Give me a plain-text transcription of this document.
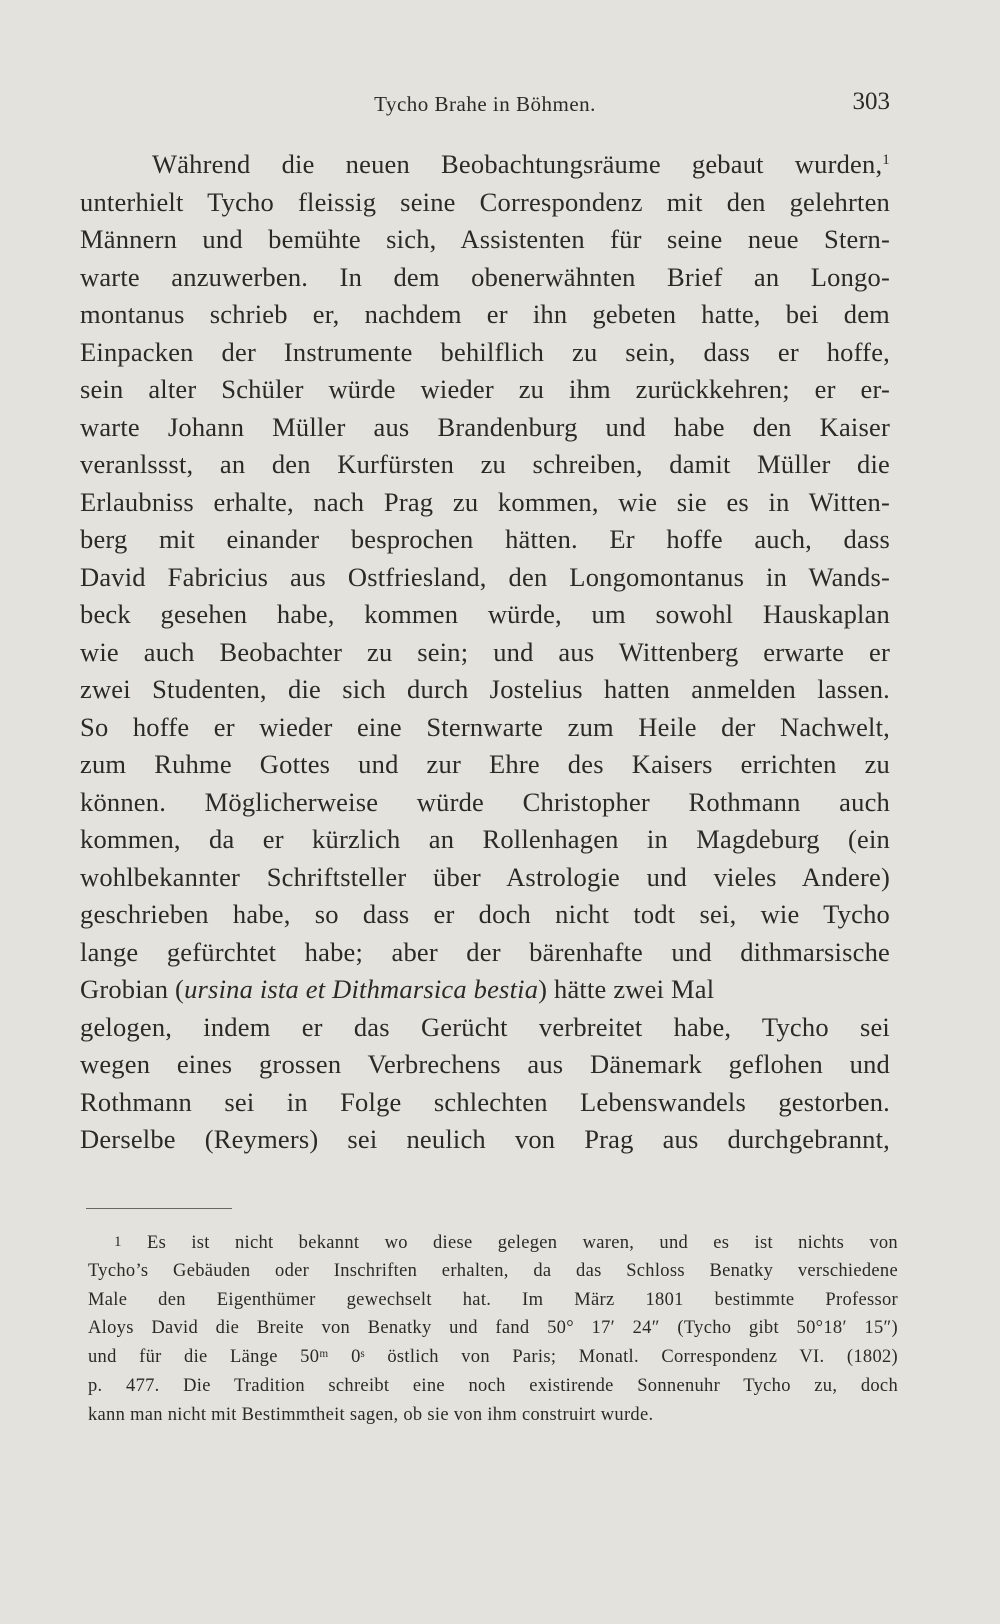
Tycho Brahe in Böhmen.	303
Während die neuen Beobachtungsräume gebaut wurden,$^1$
unterhielt Tycho fleissig seine Correspondenz mit den gelehrten
Männern und bemühte sich, Assistenten für seine neue Stern-
warte anzuwerben. In dem obenerwähnten Brief an Longo-
montanus schrieb er, nachdem er ihn gebeten hatte, bei dem
Einpacken der Instrumente behilflich zu sein, dass er hoffe,
sein alter Schüler würde wieder zu ihm zurückkehren; er er-
warte Johann Müller aus Brandenburg und habe den Kaiser
veranlssst, an den Kurfürsten zu schreiben, damit Müller die
Erlaubniss erhalte, nach Prag zu kommen, wie sie es in Witten-
berg mit einander besprochen hätten. Er hoffe auch, dass
David Fabricius aus Ostfriesland, den Longomontanus in Wands-
beck gesehen habe, kommen würde, um sowohl Hauskaplan
wie auch Beobachter zu sein; und aus Wittenberg erwarte er
zwei Studenten, die sich durch Jostelius hatten anmelden lassen.
So hoffe er wieder eine Sternwarte zum Heile der Nachwelt,
zum Ruhme Gottes und zur Ehre des Kaisers errichten zu
können. Möglicherweise würde Christopher Rothmann auch
kommen, da er kürzlich an Rollenhagen in Magdeburg (ein
wohlbekannter Schriftsteller über Astrologie und vieles Andere)
geschrieben habe, so dass er doch nicht todt sei, wie Tycho
lange gefürchtet habe; aber der bärenhafte und dithmarsische
Grobian (ursina ista et Dithmarsica bestia) hätte zwei Mal
gelogen, indem er das Gerücht verbreitet habe, Tycho sei
wegen eines grossen Verbrechens aus Dänemark geflohen und
Rothmann sei in Folge schlechten Lebenswandels gestorben.
Derselbe (Reymers) sei neulich von Prag aus durchgebrannt,
1 Es ist nicht bekannt wo diese gelegen waren, und es ist nichts von
Tycho’s Gebäuden oder Inschriften erhalten, da das Schloss Benatky verschiedene
Male den Eigenthümer gewechselt hat. Im März 1801 bestimmte Professor
Aloys David die Breite von Benatky und fand 50° 17′ 24″ (Tycho gibt 50°18′ 15″)
und für die Länge 50ᵐ 0ˢ östlich von Paris; Monatl. Correspondenz VI. (1802)
p. 477. Die Tradition schreibt eine noch existirende Sonnenuhr Tycho zu, doch
kann man nicht mit Bestimmtheit sagen, ob sie von ihm construirt wurde.
